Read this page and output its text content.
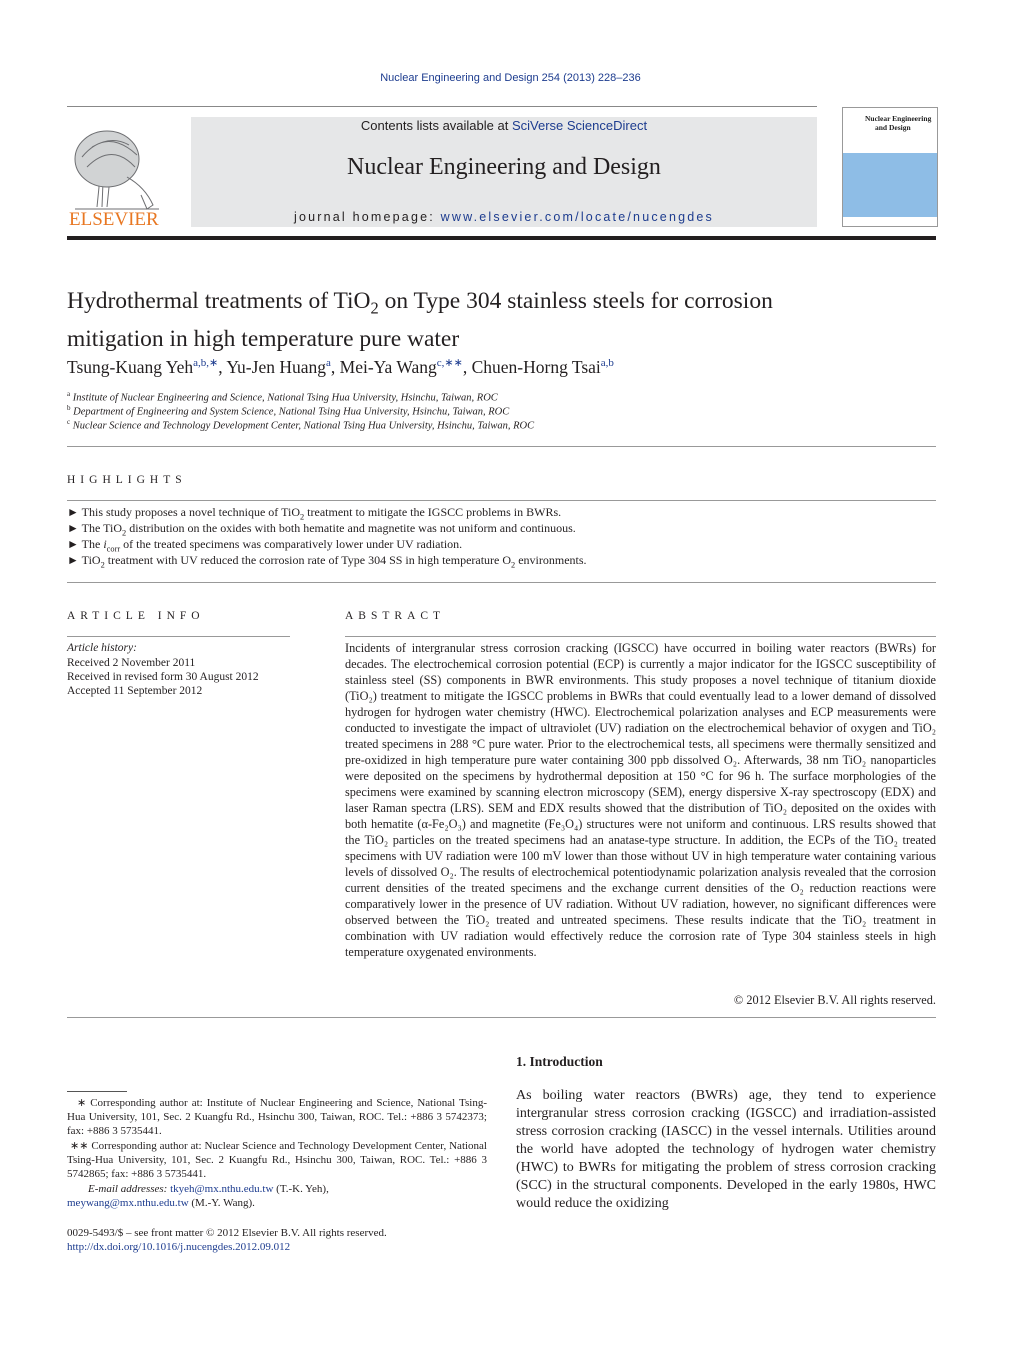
Nuclear Engineering and Design 254 (2013) 228–236
ELSEVIER
Contents lists available at SciVerse ScienceDirect
Nuclear Engineering and Design
journal homepage: www.elsevier.com/locate/nucengdes
Nuclear Engineering
and Design
Hydrothermal treatments of TiO$_2$ on Type 304 stainless steels for corrosion
mitigation in high temperature pure water
Tsung-Kuang Yeh$^{a,b,∗}$, Yu-Jen Huang$^a$, Mei-Ya Wang$^{c,∗∗}$, Chuen-Horng Tsai$^{a,b}$
$^a$ Institute of Nuclear Engineering and Science, National Tsing Hua University, Hsinchu, Taiwan, ROC
$^b$ Department of Engineering and System Science, National Tsing Hua University, Hsinchu, Taiwan, ROC
$^c$ Nuclear Science and Technology Development Center, National Tsing Hua University, Hsinchu, Taiwan, ROC
HIGHLIGHTS
► This study proposes a novel technique of TiO$_2$ treatment to mitigate the IGSCC problems in BWRs.
► The TiO$_2$ distribution on the oxides with both hematite and magnetite was not uniform and continuous.
► The $i_{corr}$ of the treated specimens was comparatively lower under UV radiation.
► TiO$_2$ treatment with UV reduced the corrosion rate of Type 304 SS in high temperature $O_2$ environments.
ARTICLE INFO
Article history:
Received 2 November 2011
Received in revised form 30 August 2012
Accepted 11 September 2012
ABSTRACT
Incidents of intergranular stress corrosion cracking (IGSCC) have occurred in boiling water reactors (BWRs) for decades. The electrochemical corrosion potential (ECP) is currently a major indicator for the IGSCC susceptibility of stainless steel (SS) components in BWR environments. This study proposes a novel technique of titanium dioxide (TiO₂) treatment to mitigate the IGSCC problems in BWRs that could eventually lead to a lower demand of dissolved hydrogen for hydrogen water chemistry (HWC). Electrochemical polarization analyses and ECP measurements were conducted to investigate the impact of ultraviolet (UV) radiation on the electrochemical behavior of oxygen and TiO₂ treated specimens in 288 °C pure water. Prior to the electrochemical tests, all specimens were thermally sensitized and pre-oxidized in high temperature pure water containing 300 ppb dissolved O₂. Afterwards, 38 nm TiO₂ nanoparticles were deposited on the specimens by hydrothermal deposition at 150 °C for 96 h. The surface morphologies of the specimens were examined by scanning electron microscopy (SEM), energy dispersive X-ray spectroscopy (EDX) and laser Raman spectra (LRS). SEM and EDX results showed that the distribution of TiO₂ deposited on the oxides with both hematite (α-Fe₂O₃) and magnetite (Fe₃O₄) structures were not uniform and continuous. LRS results showed that the TiO₂ particles on the treated specimens had an anatase-type structure. In addition, the ECPs of the TiO₂ treated specimens with UV radiation were 100 mV lower than those without UV in high temperature water containing various levels of dissolved O₂. The results of electrochemical potentiodynamic polarization analysis revealed that the corrosion current densities of the treated specimens and the exchange current densities of the O₂ reduction reactions were comparatively lower in the presence of UV radiation. Without UV radiation, however, no significant differences were observed between the TiO₂ treated and untreated specimens. These results indicate that the TiO₂ treatment in combination with UV radiation would effectively reduce the corrosion rate of Type 304 stainless steels in high temperature oxygenated environments.
© 2012 Elsevier B.V. All rights reserved.
1. Introduction
As boiling water reactors (BWRs) age, they tend to experience intergranular stress corrosion cracking (IGSCC) and irradiation-assisted stress corrosion cracking (IASCC) in the vessel internals. Utilities around the world have adopted the technology of hydrogen water chemistry (HWC) to BWRs for mitigating the problem of stress corrosion cracking (SCC) in the structural components. Developed in the early 1980s, HWC would reduce the oxidizing
∗ Corresponding author at: Institute of Nuclear Engineering and Science, National Tsing-Hua University, 101, Sec. 2 Kuangfu Rd., Hsinchu 300, Taiwan, ROC. Tel.: +886 3 5742373; fax: +886 3 5735441.
∗∗ Corresponding author at: Nuclear Science and Technology Development Center, National Tsing-Hua University, 101, Sec. 2 Kuangfu Rd., Hsinchu 300, Taiwan, ROC. Tel.: +886 3 5742865; fax: +886 3 5735441.
E-mail addresses: tkyeh@mx.nthu.edu.tw (T.-K. Yeh),
meywang@mx.nthu.edu.tw (M.-Y. Wang).
0029-5493/$ – see front matter © 2012 Elsevier B.V. All rights reserved.
http://dx.doi.org/10.1016/j.nucengdes.2012.09.012
